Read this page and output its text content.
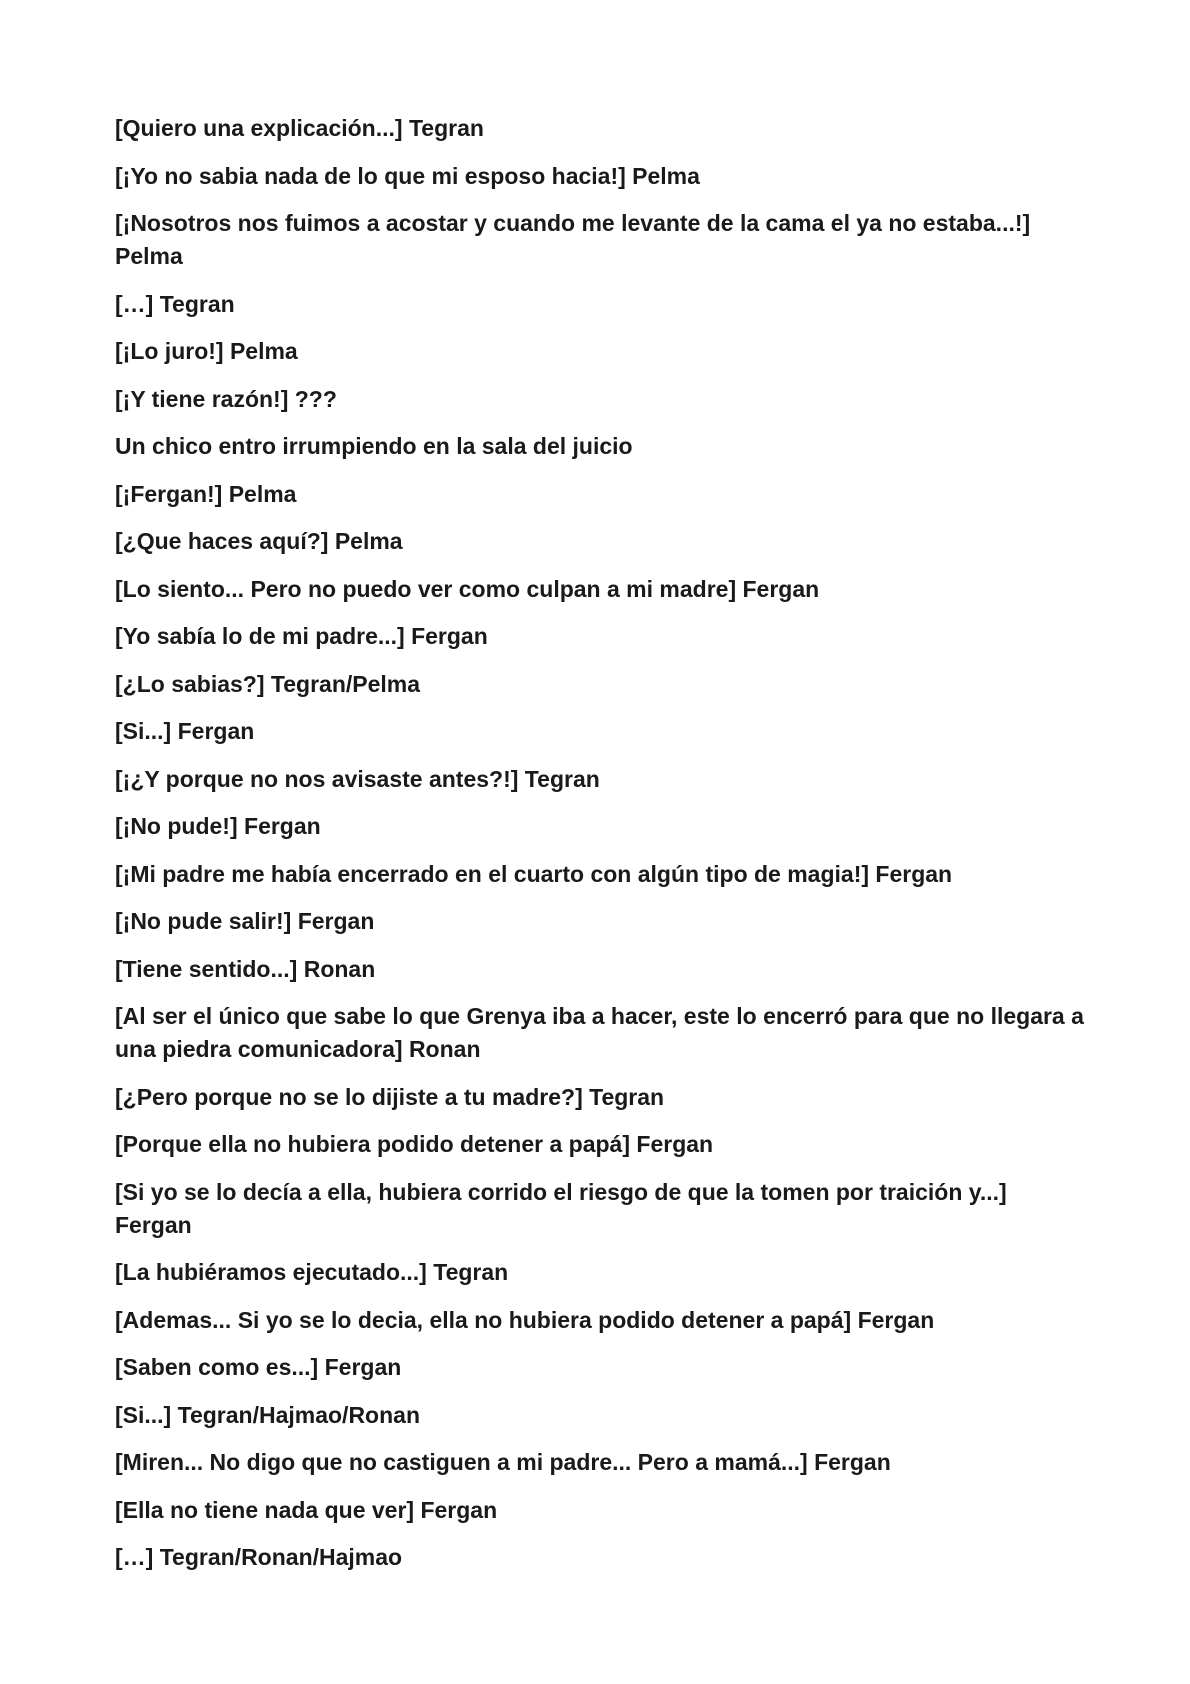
[Quiero una explicación...] Tegran

[¡Yo no sabia nada de lo que mi esposo hacia!] Pelma

[¡Nosotros nos fuimos a acostar y cuando me levante de la cama el ya no estaba...!] Pelma

[…] Tegran

[¡Lo juro!] Pelma

[¡Y tiene razón!] ???

Un chico entro irrumpiendo en la sala del juicio

[¡Fergan!] Pelma

[¿Que haces aquí?] Pelma

[Lo siento... Pero no puedo ver como culpan a mi madre] Fergan

[Yo sabía lo de mi padre...] Fergan

[¿Lo sabias?] Tegran/Pelma

[Si...] Fergan

[¡¿Y porque no nos avisaste antes?!] Tegran

[¡No pude!] Fergan

[¡Mi padre me había encerrado en el cuarto con algún tipo de magia!] Fergan

[¡No pude salir!] Fergan

[Tiene sentido...] Ronan

[Al ser el único que sabe lo que Grenya iba a hacer, este lo encerró para que no llegara a una piedra comunicadora] Ronan

[¿Pero porque no se lo dijiste a tu madre?] Tegran

[Porque ella no hubiera podido detener a papá] Fergan

[Si yo se lo decía a ella, hubiera corrido el riesgo de que la tomen por traición y...] Fergan

[La hubiéramos ejecutado...] Tegran

[Ademas... Si yo se lo decia, ella no hubiera podido detener a papá] Fergan

[Saben como es...] Fergan

[Si...] Tegran/Hajmao/Ronan

[Miren... No digo que no castiguen a mi padre... Pero a mamá...] Fergan

[Ella no tiene nada que ver] Fergan

[…] Tegran/Ronan/Hajmao
